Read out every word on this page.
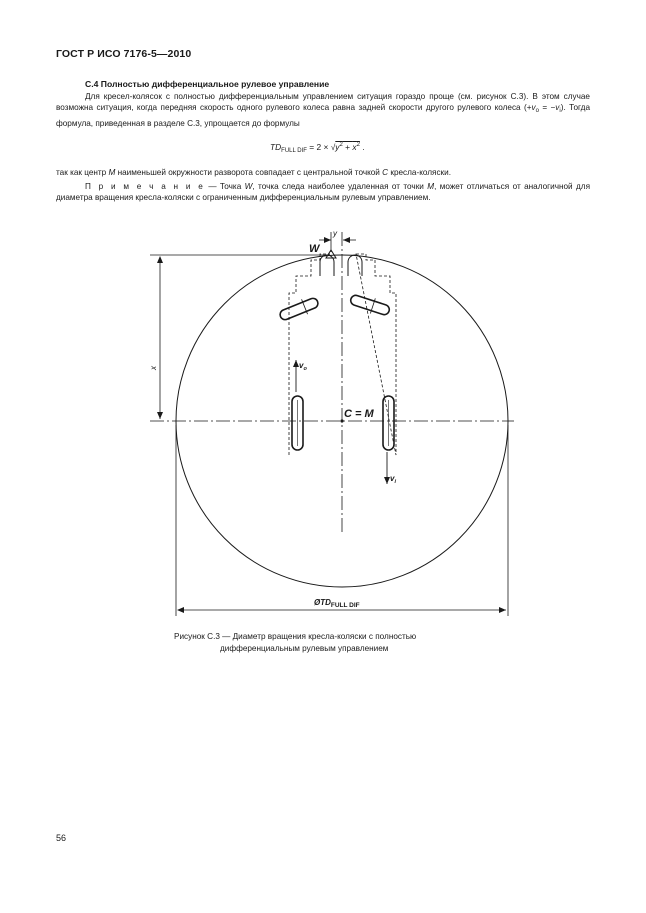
ГОСТ Р ИСО 7176-5—2010
С.4 Полностью дифференциальное рулевое управление
Для кресел-колясок с полностью дифференциальным управлением ситуация гораздо проще (см. рисунок С.3). В этом случае возможна ситуация, когда передняя скорость одного рулевого колеса равна задней скорости другого рулевого колеса $(+v_o = -v_i)$. Тогда формула, приведенная в разделе С.3, упрощается до формулы
$TD_{FULL DIF} = 2 \times √y^2 + x^2$ .
так как центр M наименьшей окружности разворота совпадает с центральной точкой C кресла-коляски.
П р и м е ч а н и е — Точка W, точка следа наиболее удаленная от точки M, может отличаться от аналогичной для диаметра вращения кресла-коляски с ограниченным дифференциальным рулевым управлением.
W
y
x	$v_o$
$v_i$
C = M
$ØTD_{FULL DIF}$
Рисунок С.3 — Диаметр вращения кресла-коляски с полностью
дифференциальным рулевым управлением
56
